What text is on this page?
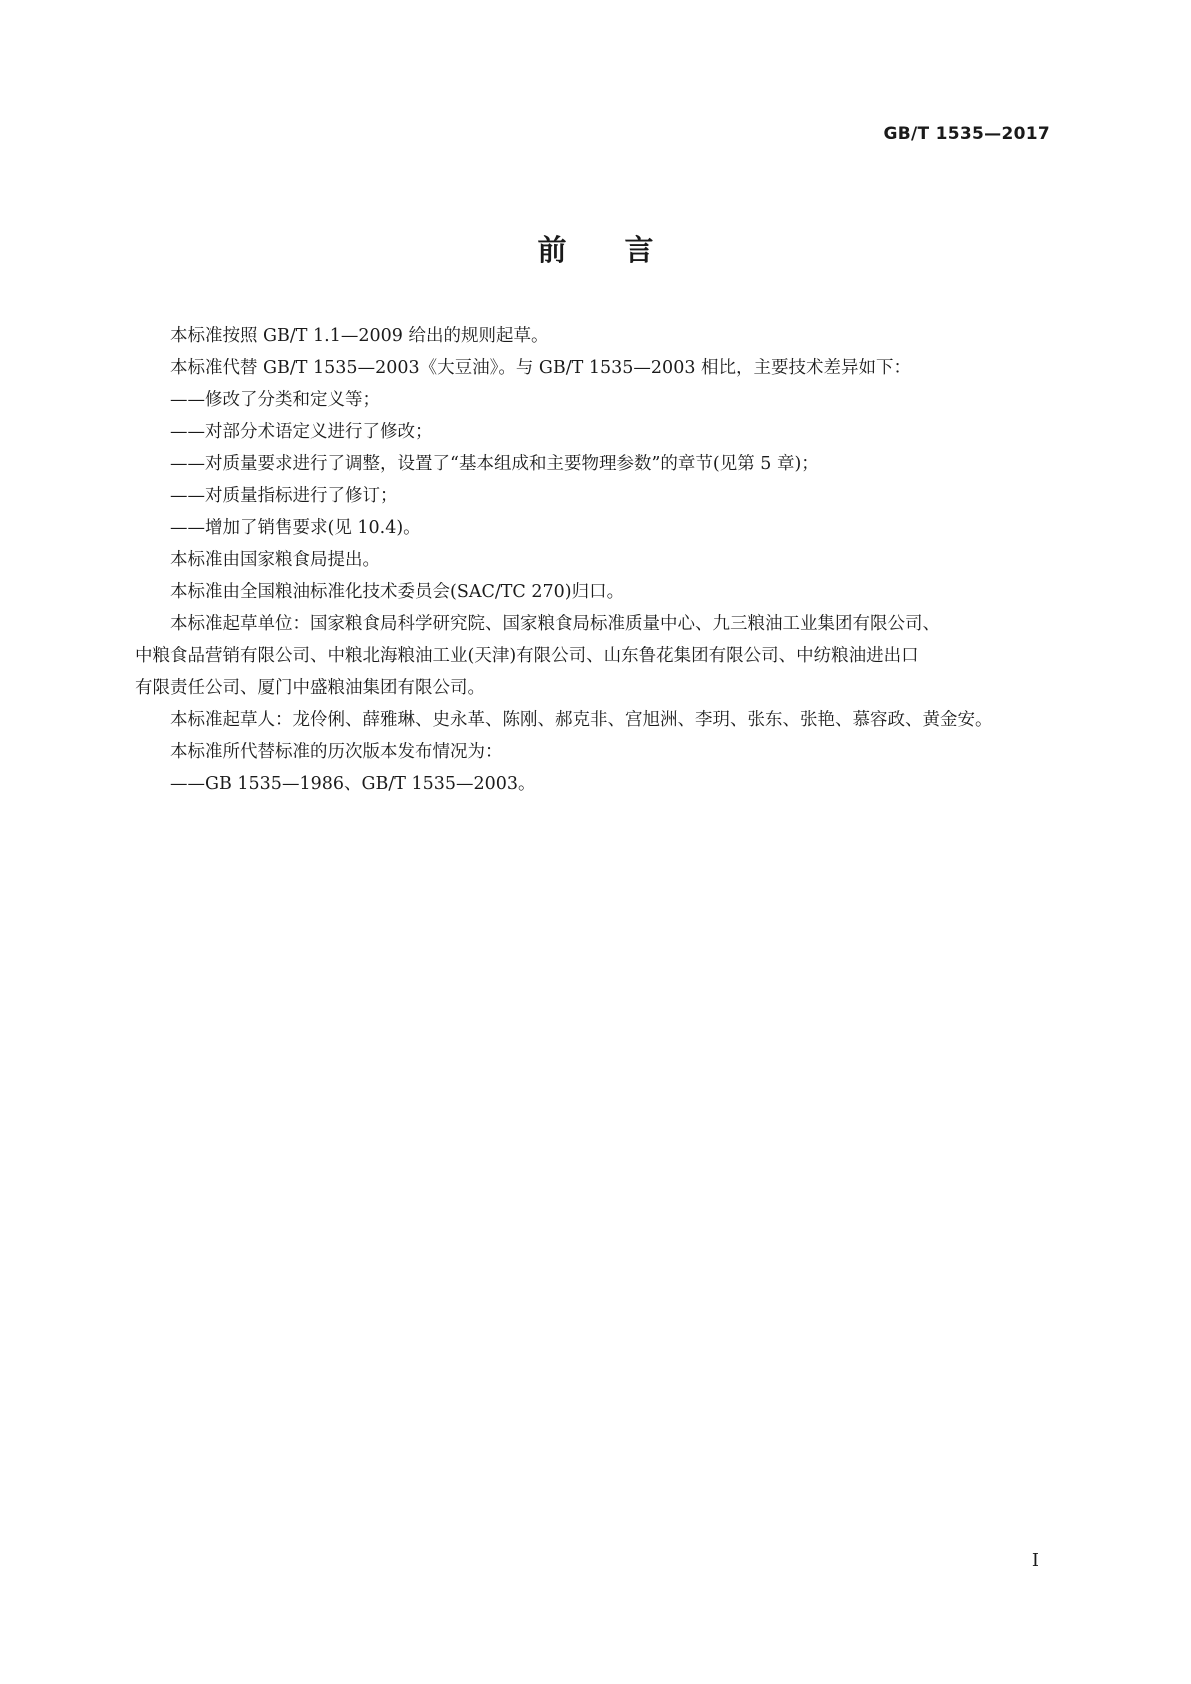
GB/T 1535—2017
前言

本标准按照 GB/T 1.1—2009 给出的规则起草。

本标准代替 GB/T 1535—2003《大豆油》。与 GB/T 1535—2003 相比，主要技术差异如下：

——修改了分类和定义等；

——对部分术语定义进行了修改；

——对质量要求进行了调整，设置了“基本组成和主要物理参数”的章节(见第 5 章)；

——对质量指标进行了修订；

——增加了销售要求(见 10.4)。

本标准由国家粮食局提出。

本标准由全国粮油标准化技术委员会(SAC/TC 270)归口。

本标准起草单位：国家粮食局科学研究院、国家粮食局标准质量中心、九三粮油工业集团有限公司、
中粮食品营销有限公司、中粮北海粮油工业(天津)有限公司、山东鲁花集团有限公司、中纺粮油进出口
有限责任公司、厦门中盛粮油集团有限公司。

本标准起草人：龙伶俐、薛雅琳、史永革、陈刚、郝克非、宫旭洲、李玥、张东、张艳、慕容政、黄金安。

本标准所代替标准的历次版本发布情况为：

——GB 1535—1986、GB/T 1535—2003。

I
